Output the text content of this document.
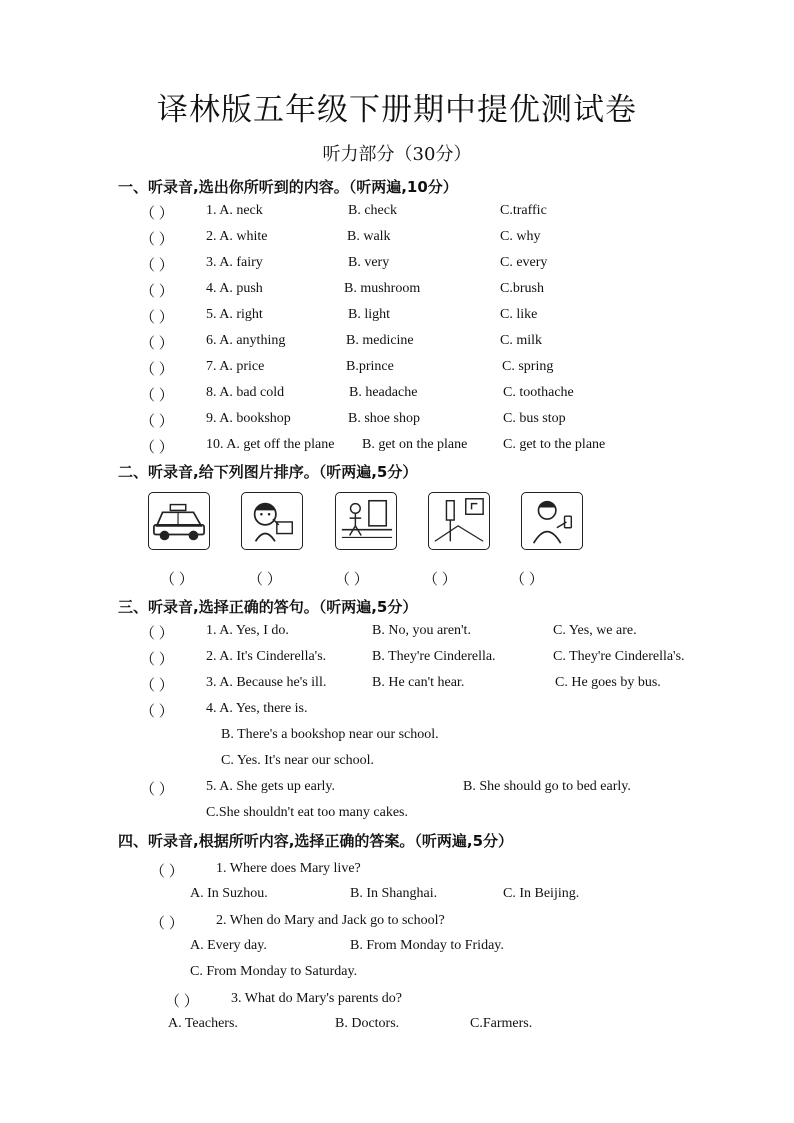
译林版五年级下册期中提优测试卷
听力部分（30分）
一、听录音,选出你所听到的内容。（听两遍,10分）
（ ） 1. A. neck	B. check	C.traffic
（ ） 2. A. white	B. walk	C. why
（ ） 3. A. fairy	B. very	C. every
（ ） 4. A. push	B. mushroom	C.brush
（ ） 5. A. right	B. light	C. like
（ ） 6. A. anything	B. medicine	C. milk
（ ） 7. A. price	B.prince	C. spring
（ ） 8. A. bad cold	B. headache	C. toothache
（ ） 9. A. bookshop	B. shoe shop	C. bus stop
（ ） 10. A. get off the plane B. get on the plane	C. get to the plane
二、听录音,给下列图片排序。（听两遍,5分）
（ ）	（ ）	（ ）	（ ）	（ ）
三、听录音,选择正确的答句。（听两遍,5分）
（ ） 1. A. Yes, I do.	B. No, you aren't.	C. Yes, we are.
（ ） 2. A. It's Cinderella's.	B. They're Cinderella.	C. They're Cinderella's.
（ ） 3. A. Because he's ill.	B. He can't hear.	C. He goes by bus.
（ ） 4. A. Yes, there is.
B. There's a bookshop near our school.
C. Yes. It's near our school.
（ ） 5. A. She gets up early.	B. She should go to bed early.
C.She shouldn't eat too many cakes.
四、听录音,根据所听内容,选择正确的答案。（听两遍,5分）
（ ） 1. Where does Mary live?
A. In Suzhou.	B. In Shanghai.	C. In Beijing.
（ ） 2. When do Mary and Jack go to school?
A. Every day.	B. From Monday to Friday.
C. From Monday to Saturday.
（ ） 3. What do Mary's parents do?
A. Teachers.	B. Doctors.	C.Farmers.
